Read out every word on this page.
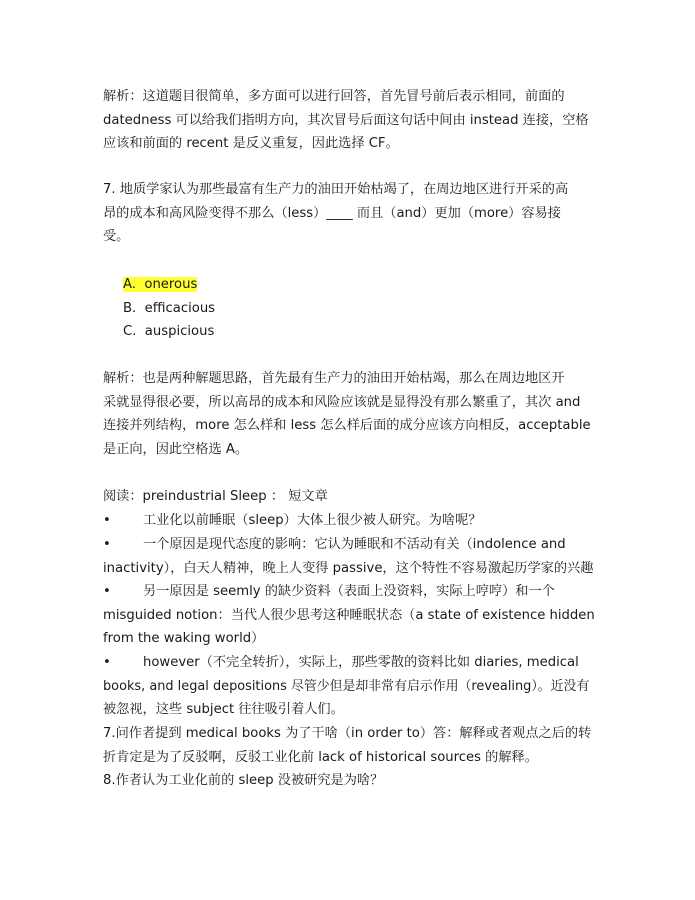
解析：这道题目很简单，多方面可以进行回答，首先冒号前后表示相同，前面的
datedness 可以给我们指明方向，其次冒号后面这句话中间由 instead 连接，空格
应该和前面的 recent 是反义重复，因此选择 CF。
7. 地质学家认为那些最富有生产力的油田开始枯竭了，在周边地区进行开采的高
昂的成本和高风险变得不那么（less）____ 而且（and）更加（more）容易接
受。
A. onerous
B. efficacious
C. auspicious
解析：也是两种解题思路，首先最有生产力的油田开始枯竭，那么在周边地区开
采就显得很必要，所以高昂的成本和风险应该就是显得没有那么繁重了，其次 and
连接并列结构，more 怎么样和 less 怎么样后面的成分应该方向相反，acceptable
是正向，因此空格选 A。
阅读：preindustrial Sleep ： 短文章
• 工业化以前睡眠（sleep）大体上很少被人研究。为啥呢？
• 一个原因是现代态度的影响：它认为睡眠和不活动有关（indolence and
inactivity），白天人精神，晚上人变得 passive，这个特性不容易激起历学家的兴趣
• 另一原因是 seemly 的缺少资料（表面上没资料，实际上哼哼）和一个
misguided notion：当代人很少思考这种睡眠状态（a state of existence hidden
from the waking world）
• however（不完全转折），实际上，那些零散的资料比如 diaries, medical
books, and legal depositions 尽管少但是却非常有启示作用（revealing）。近没有
被忽视，这些 subject 往往吸引着人们。
7.问作者提到 medical books 为了干啥（in order to）答：解释或者观点之后的转
折肯定是为了反驳啊，反驳工业化前 lack of historical sources 的解释。
8.作者认为工业化前的 sleep 没被研究是为啥？
